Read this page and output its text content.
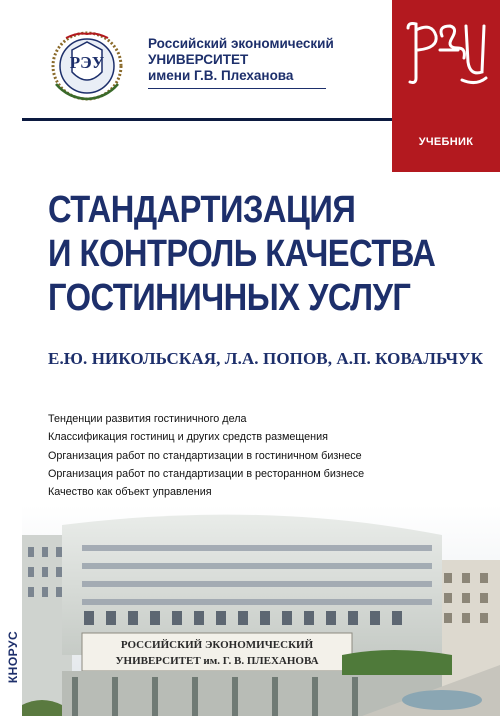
РЭУ
Российский экономический
УНИВЕРСИТЕТ
имени Г.В. Плеханова
УЧЕБНИК
СТАНДАРТИЗАЦИЯ
И КОНТРОЛЬ КАЧЕСТВА
ГОСТИНИЧНЫХ УСЛУГ
Е.Ю. НИКОЛЬСКАЯ, Л.А. ПОПОВ, А.П. КОВАЛЬЧУК
Тенденции развития гостиничного дела
Классификация гостиниц и других средств размещения
Организация работ по стандартизации в гостиничном бизнесе
Организация работ по стандартизации в ресторанном бизнесе
Качество как объект управления
РОССИЙСКИЙ ЭКОНОМИЧЕСКИЙ
УНИВЕРСИТЕТ им. Г. В. ПЛЕХАНОВА
КНОРУС
